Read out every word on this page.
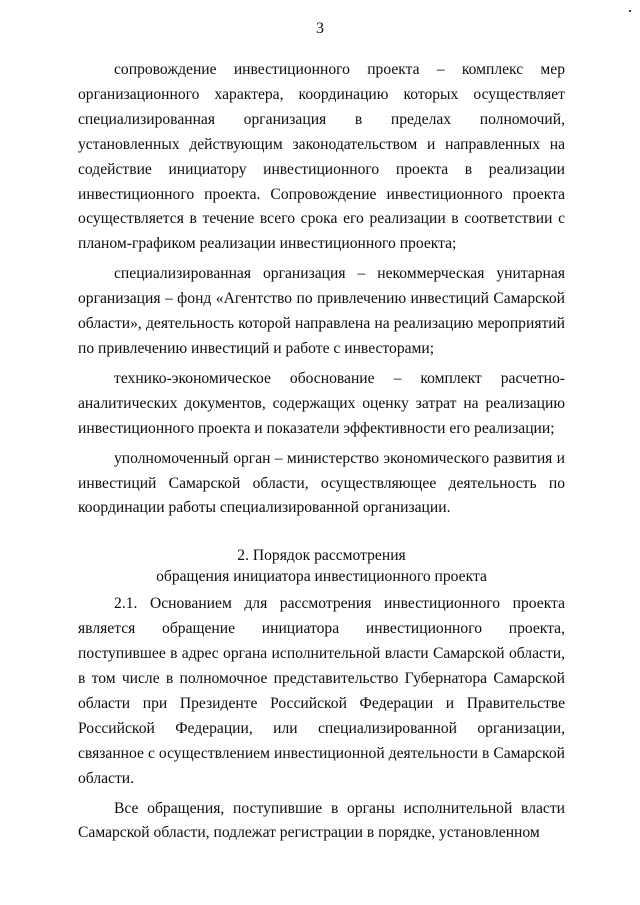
3

сопровождение инвестиционного проекта – комплекс мер организационного характера, координацию которых осуществляет специализированная организация в пределах полномочий, установленных действующим законодательством и направленных на содействие инициатору инвестиционного проекта в реализации инвестиционного проекта. Сопровождение инвестиционного проекта осуществляется в течение всего срока его реализации в соответствии с планом-графиком реализации инвестиционного проекта;

специализированная организация – некоммерческая унитарная организация – фонд «Агентство по привлечению инвестиций Самарской области», деятельность которой направлена на реализацию мероприятий по привлечению инвестиций и работе с инвесторами;

технико-экономическое обоснование – комплект расчетно-аналитических документов, содержащих оценку затрат на реализацию инвестиционного проекта и показатели эффективности его реализации;

уполномоченный орган – министерство экономического развития и инвестиций Самарской области, осуществляющее деятельность по координации работы специализированной организации.

2. Порядок рассмотрения
обращения инициатора инвестиционного проекта

2.1. Основанием для рассмотрения инвестиционного проекта является обращение инициатора инвестиционного проекта, поступившее в адрес органа исполнительной власти Самарской области, в том числе в полномочное представительство Губернатора Самарской области при Президенте Российской Федерации и Правительстве Российской Федерации, или специализированной организации, связанное с осуществлением инвестиционной деятельности в Самарской области.

Все обращения, поступившие в органы исполнительной власти Самарской области, подлежат регистрации в порядке, установленном
